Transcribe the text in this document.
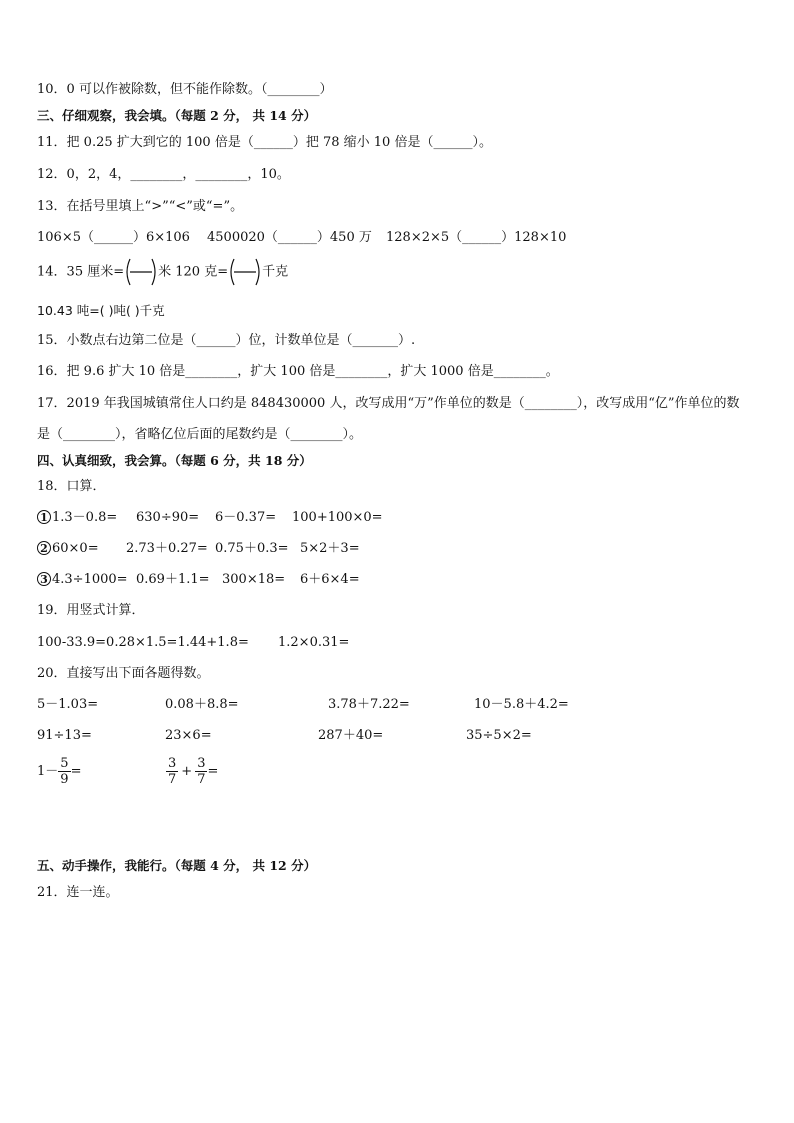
10．0 可以作被除数，但不能作除数。（________）
三、仔细观察，我会填。（每题 2 分， 共 14 分）
11．把 0.25 扩大到它的 100 倍是（______）把 78 缩小 10 倍是（______）。
12．0，2，4，________，________，10。
13．在括号里填上“>”“<”或“=”。
106×5（______）6×106 4500020（______）450 万 128×2×5（______）128×10
14．35 厘米=	米 120 克=	千克
10.43 吨=( )吨( )千克
15．小数点右边第二位是（______）位，计数单位是（_______）.
16．把 9.6 扩大 10 倍是________，扩大 100 倍是________，扩大 1000 倍是________。
17．2019 年我国城镇常住人口约是 848430000 人，改写成用“万”作单位的数是（________），改写成用“亿”作单位的数
是（________），省略亿位后面的尾数约是（________）。
四、认真细致，我会算。（每题 6 分，共 18 分）
18．口算．
1 1.3－0.8= 630÷90= 6－0.37= 100+100×0=
2 60×0= 2.73＋0.27= 0.75＋0.3= 5×2＋3=
3 4.3÷1000= 0.69＋1.1= 300×18= 6＋6×4=
19．用竖式计算．
100-33.9=0.28×1.5=1.44+1.8= 1.2×0.31=
20．直接写出下面各题得数。
5－1.03=	0.08＋8.8=	3.78＋7.22=	10－5.8＋4.2=
91÷13=	23×6=	287＋40=	35÷5×2=
$1- \frac{5}{9}$ =	$\frac{3}{7} + \frac{3}{7}$ =
五、动手操作，我能行。（每题 4 分， 共 12 分）
21．连一连。
